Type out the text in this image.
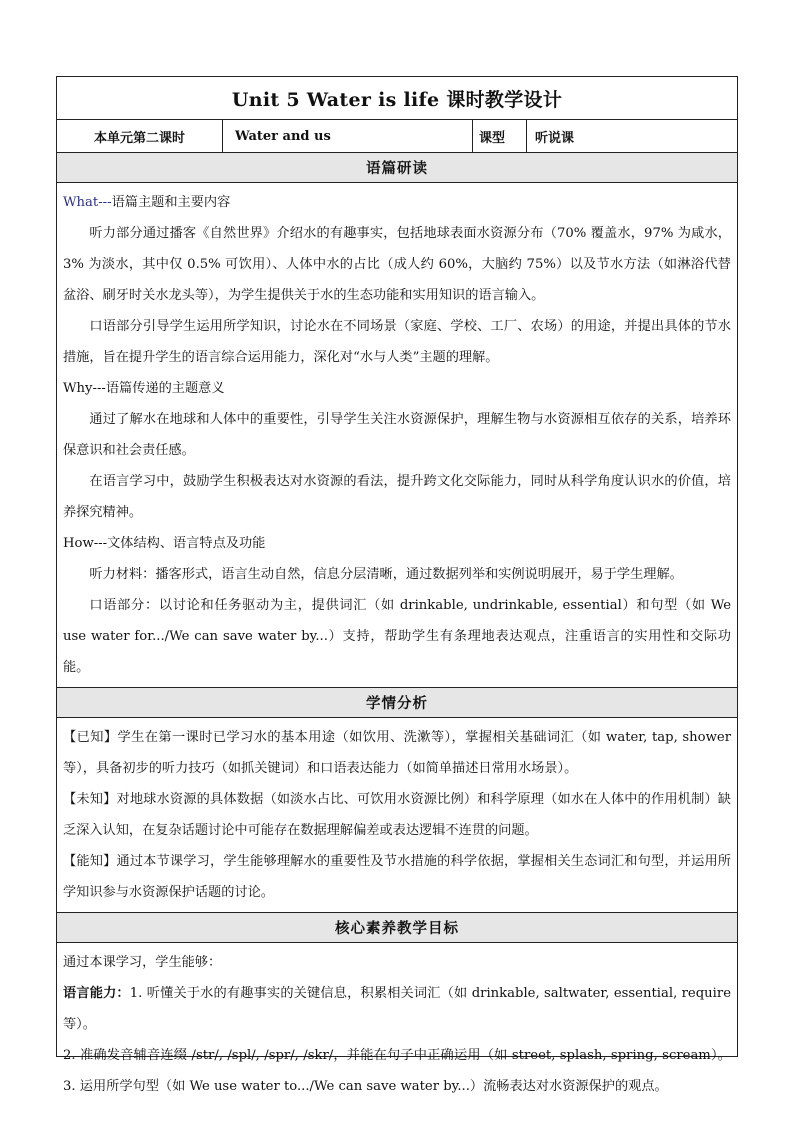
Unit 5 Water is life 课时教学设计
本单元第二课时	Water and us	课型	听说课
语篇研读

What---语篇主题和主要内容

听力部分通过播客《自然世界》介绍水的有趣事实，包括地球表面水资源分布（70% 覆盖水，97% 为咸水，3% 为淡水，其中仅 0.5% 可饮用）、人体中水的占比（成人约 60%，大脑约 75%）以及节水方法（如淋浴代替盆浴、刷牙时关水龙头等），为学生提供关于水的生态功能和实用知识的语言输入。

口语部分引导学生运用所学知识，讨论水在不同场景（家庭、学校、工厂、农场）的用途，并提出具体的节水措施，旨在提升学生的语言综合运用能力，深化对“水与人类”主题的理解。

Why---语篇传递的主题意义

通过了解水在地球和人体中的重要性，引导学生关注水资源保护，理解生物与水资源相互依存的关系，培养环保意识和社会责任感。

在语言学习中，鼓励学生积极表达对水资源的看法，提升跨文化交际能力，同时从科学角度认识水的价值，培养探究精神。

How---文体结构、语言特点及功能

听力材料：播客形式，语言生动自然，信息分层清晰，通过数据列举和实例说明展开，易于学生理解。

口语部分：以讨论和任务驱动为主，提供词汇（如 drinkable, undrinkable, essential）和句型（如 We use water for.../We can save water by...）支持，帮助学生有条理地表达观点，注重语言的实用性和交际功能。

学情分析

【已知】学生在第一课时已学习水的基本用途（如饮用、洗漱等），掌握相关基础词汇（如 water, tap, shower 等），具备初步的听力技巧（如抓关键词）和口语表达能力（如简单描述日常用水场景）。

【未知】对地球水资源的具体数据（如淡水占比、可饮用水资源比例）和科学原理（如水在人体中的作用机制）缺乏深入认知，在复杂话题讨论中可能存在数据理解偏差或表达逻辑不连贯的问题。

【能知】通过本节课学习，学生能够理解水的重要性及节水措施的科学依据，掌握相关生态词汇和句型，并运用所学知识参与水资源保护话题的讨论。

核心素养教学目标

通过本课学习，学生能够：

语言能力：1. 听懂关于水的有趣事实的关键信息，积累相关词汇（如 drinkable, saltwater, essential, require 等）。

2. 准确发音辅音连缀 /str/, /spl/, /spr/, /skr/，并能在句子中正确运用（如 street, splash, spring, scream）。3. 运用所学句型（如 We use water to.../We can save water by...）流畅表达对水资源保护的观点。
